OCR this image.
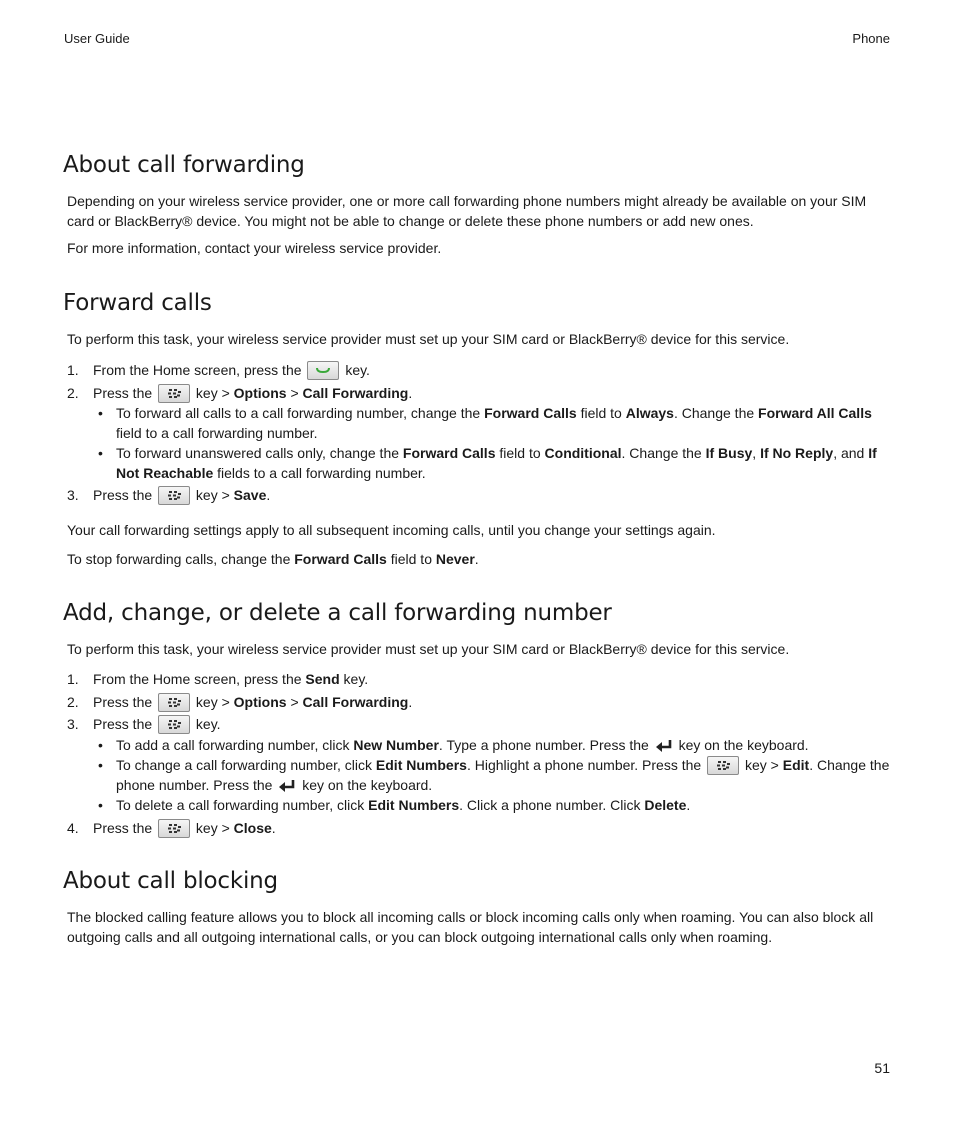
User Guide	Phone
About call forwarding

Depending on your wireless service provider, one or more call forwarding phone numbers might already be available on your SIM card or BlackBerry® device. You might not be able to change or delete these phone numbers or add new ones.

For more information, contact your wireless service provider.

Forward calls

To perform this task, your wireless service provider must set up your SIM card or BlackBerry® device for this service.

1. From the Home screen, press the	key.
2. Press the	key > Options > Call Forwarding.
• To forward all calls to a call forwarding number, change the Forward Calls field to Always. Change the Forward All Calls field to a call forwarding number.
• To forward unanswered calls only, change the Forward Calls field to Conditional. Change the If Busy, If No Reply, and If Not Reachable fields to a call forwarding number.
3. Press the	key > Save.

Your call forwarding settings apply to all subsequent incoming calls, until you change your settings again.

To stop forwarding calls, change the Forward Calls field to Never.

Add, change, or delete a call forwarding number

To perform this task, your wireless service provider must set up your SIM card or BlackBerry® device for this service.

1. From the Home screen, press the Send key.
2. Press the	key > Options > Call Forwarding.
3. Press the	key.
• To add a call forwarding number, click New Number. Type a phone number. Press the key on the keyboard.
• To change a call forwarding number, click Edit Numbers. Highlight a phone number. Press the	key > Edit. Change the phone number. Press the key on the keyboard.
• To delete a call forwarding number, click Edit Numbers. Click a phone number. Click Delete.
4. Press the	key > Close.
About call blocking

The blocked calling feature allows you to block all incoming calls or block incoming calls only when roaming. You can also block all outgoing calls and all outgoing international calls, or you can block outgoing international calls only when roaming.

51
